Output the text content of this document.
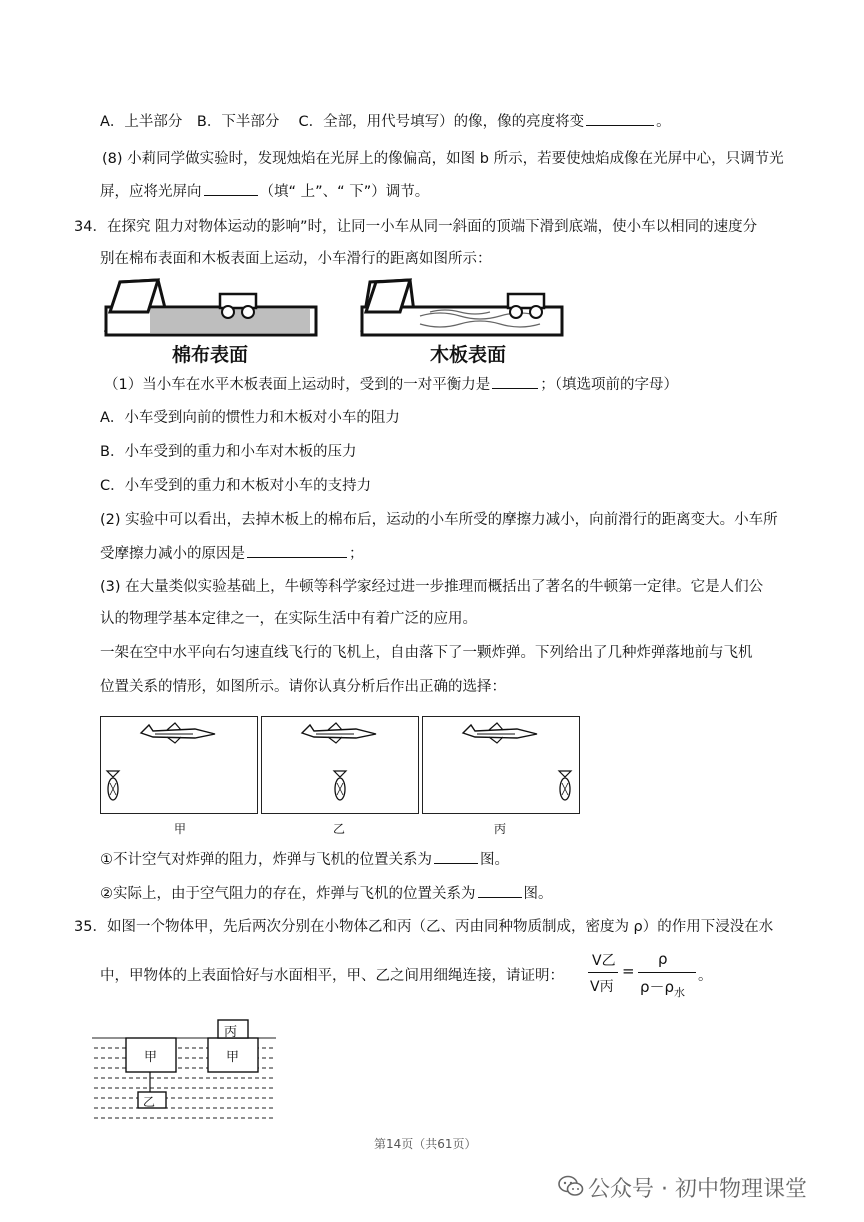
A．上半部分　B．下半部分　 C．全部，用代号填写）的像，像的亮度将变	。
(8) 小莉同学做实验时，发现烛焰在光屏上的像偏高，如图 b 所示，若要使烛焰成像在光屏中心，只调节光
屏，应将光屏向	（填“ 上”、“ 下”）调节。
34．在探究 阻力对物体运动的影响”时，让同一小车从同一斜面的顶端下滑到底端，使小车以相同的速度分
别在棉布表面和木板表面上运动，小车滑行的距离如图所示：
棉布表面	木板表面
（1）当小车在水平木板表面上运动时，受到的一对平衡力是	；（填选项前的字母）
A．小车受到向前的惯性力和木板对小车的阻力
B．小车受到的重力和小车对木板的压力
C．小车受到的重力和木板对小车的支持力
(2) 实验中可以看出，去掉木板上的棉布后，运动的小车所受的摩擦力减小，向前滑行的距离变大。小车所
受摩擦力减小的原因是	；
(3) 在大量类似实验基础上，牛顿等科学家经过进一步推理而概括出了著名的牛顿第一定律。它是人们公
认的物理学基本定律之一，在实际生活中有着广泛的应用。
一架在空中水平向右匀速直线飞行的飞机上，自由落下了一颗炸弹。下列给出了几种炸弹落地前与飞机
位置关系的情形，如图所示。请你认真分析后作出正确的选择：
甲	乙	丙
①不计空气对炸弹的阻力，炸弹与飞机的位置关系为	图。
②实际上，由于空气阻力的存在，炸弹与飞机的位置关系为	图。
35．如图一个物体甲，先后两次分别在小物体乙和丙（乙、丙由同种物质制成，密度为 ρ）的作用下浸没在水
中，甲物体的上表面恰好与水面相平，甲、乙之间用细绳连接，请证明：
V乙
V丙
=
ρ
$\rho-\rho_水$
。
甲	甲
丙
乙
第14页（共61页）
公众号 · 初中物理课堂
